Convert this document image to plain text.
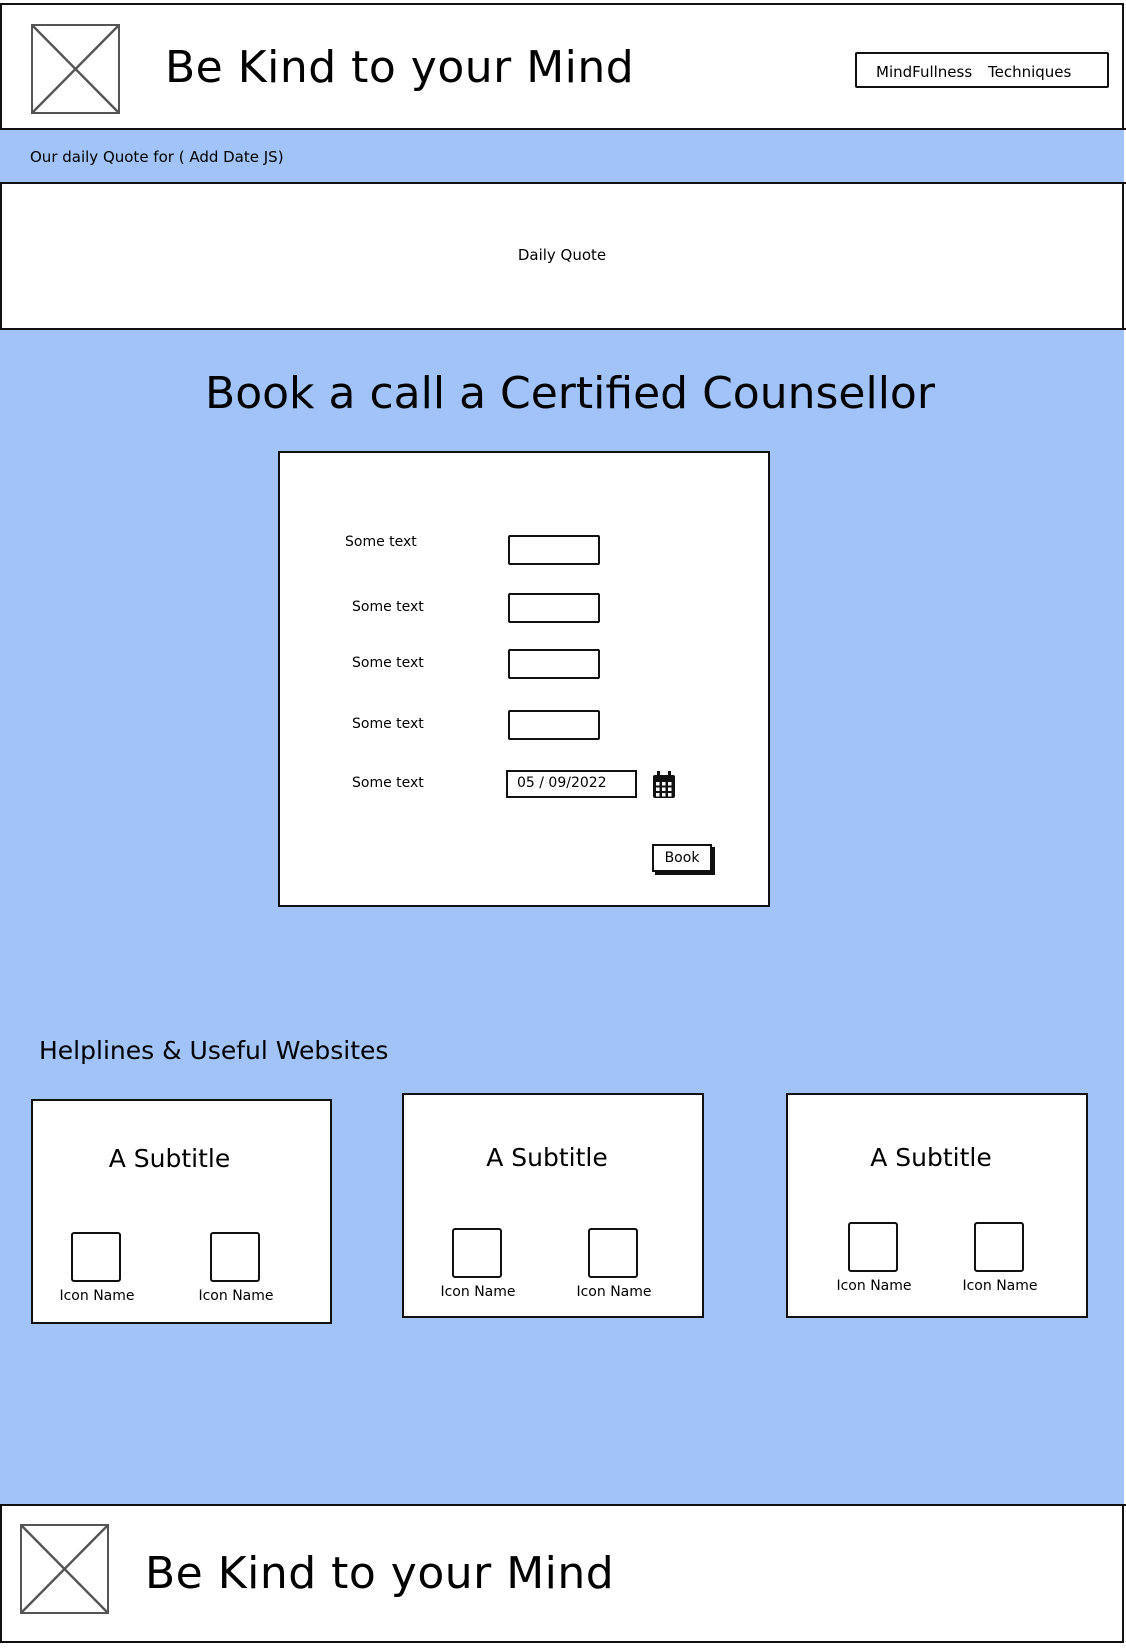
Be Kind to your Mind	MindFullness Techniques
Our daily Quote for ( Add Date JS)
Daily Quote
Book a call a Certified Counsellor
Some text
Some text
Some text
Some text
Some text	05 / 09/2022
Book
Helplines & Useful Websites
A Subtitle
Icon Name	Icon Name
A Subtitle
Icon Name	Icon Name
A Subtitle
Icon Name	Icon Name
Be Kind to your Mind
